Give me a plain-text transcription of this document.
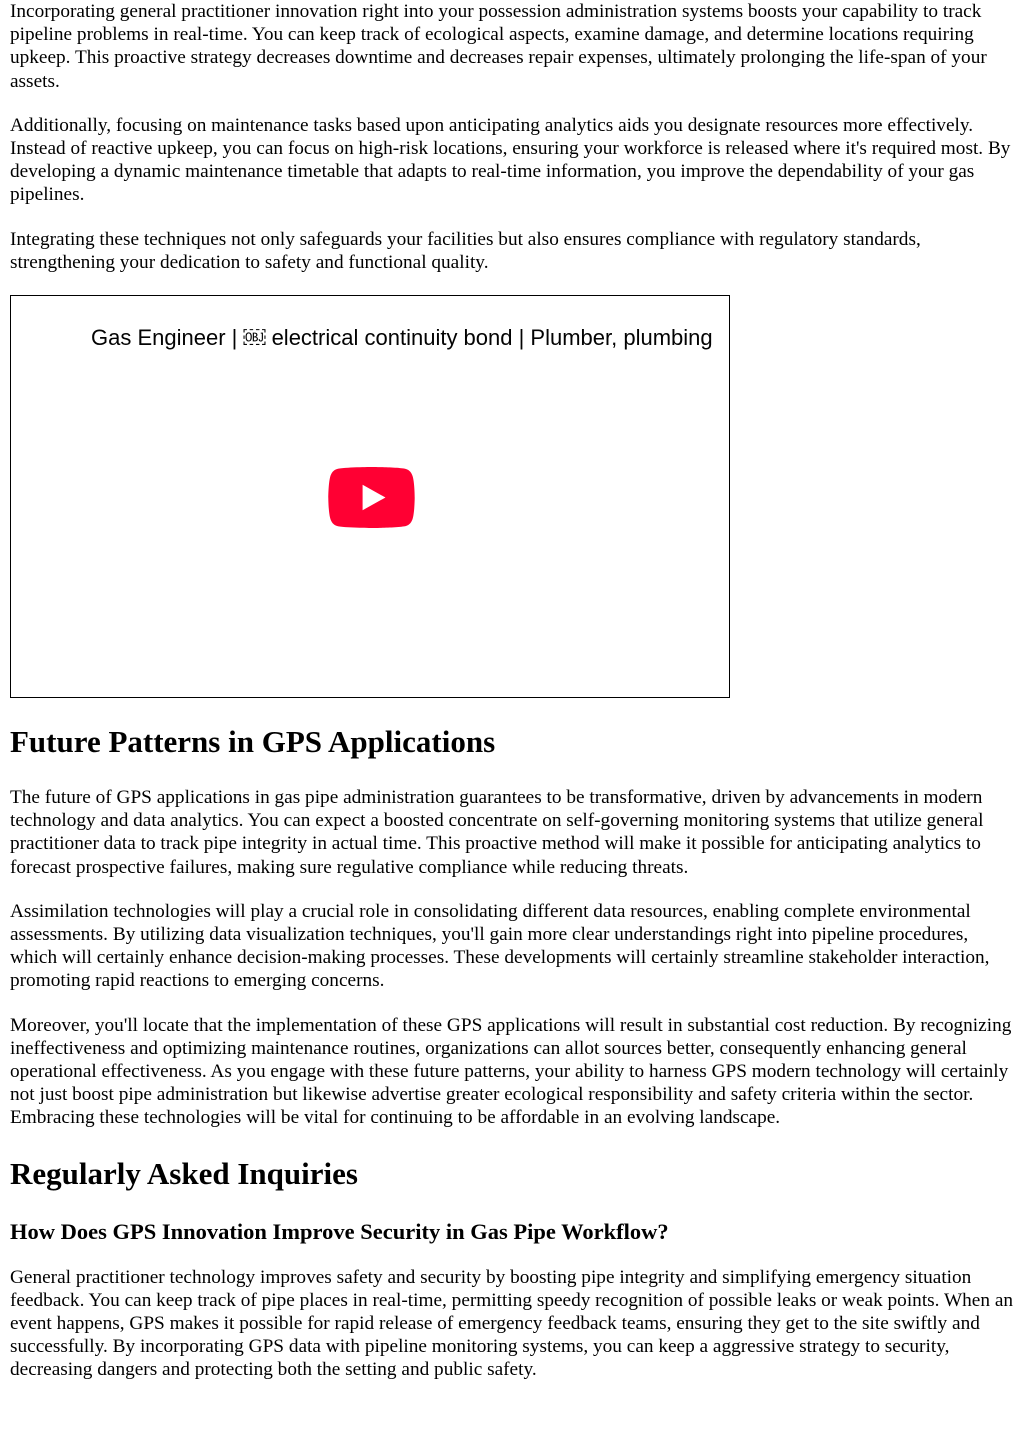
Incorporating general practitioner innovation right into your possession administration systems boosts your capability to track pipeline problems in real-time. You can keep track of ecological aspects, examine damage, and determine locations requiring upkeep. This proactive strategy decreases downtime and decreases repair expenses, ultimately prolonging the life-span of your assets.

Additionally, focusing on maintenance tasks based upon anticipating analytics aids you designate resources more effectively. Instead of reactive upkeep, you can focus on high-risk locations, ensuring your workforce is released where it's required most. By developing a dynamic maintenance timetable that adapts to real-time information, you improve the dependability of your gas pipelines.

Integrating these techniques not only safeguards your facilities but also ensures compliance with regulatory standards, strengthening your dedication to safety and functional quality.

Gas Engineer | ￼ electrical continuity bond | Plumber, plumbing
Future Patterns in GPS Applications

The future of GPS applications in gas pipe administration guarantees to be transformative, driven by advancements in modern technology and data analytics. You can expect a boosted concentrate on self-governing monitoring systems that utilize general practitioner data to track pipe integrity in actual time. This proactive method will make it possible for anticipating analytics to forecast prospective failures, making sure regulative compliance while reducing threats.

Assimilation technologies will play a crucial role in consolidating different data resources, enabling complete environmental assessments. By utilizing data visualization techniques, you'll gain more clear understandings right into pipeline procedures, which will certainly enhance decision-making processes. These developments will certainly streamline stakeholder interaction, promoting rapid reactions to emerging concerns.

Moreover, you'll locate that the implementation of these GPS applications will result in substantial cost reduction. By recognizing ineffectiveness and optimizing maintenance routines, organizations can allot sources better, consequently enhancing general operational effectiveness. As you engage with these future patterns, your ability to harness GPS modern technology will certainly not just boost pipe administration but likewise advertise greater ecological responsibility and safety criteria within the sector. Embracing these technologies will be vital for continuing to be affordable in an evolving landscape.

Regularly Asked Inquiries
How Does GPS Innovation Improve Security in Gas Pipe Workflow?

General practitioner technology improves safety and security by boosting pipe integrity and simplifying emergency situation feedback. You can keep track of pipe places in real-time, permitting speedy recognition of possible leaks or weak points. When an event happens, GPS makes it possible for rapid release of emergency feedback teams, ensuring they get to the site swiftly and successfully. By incorporating GPS data with pipeline monitoring systems, you can keep a aggressive strategy to security, decreasing dangers and protecting both the setting and public safety.
